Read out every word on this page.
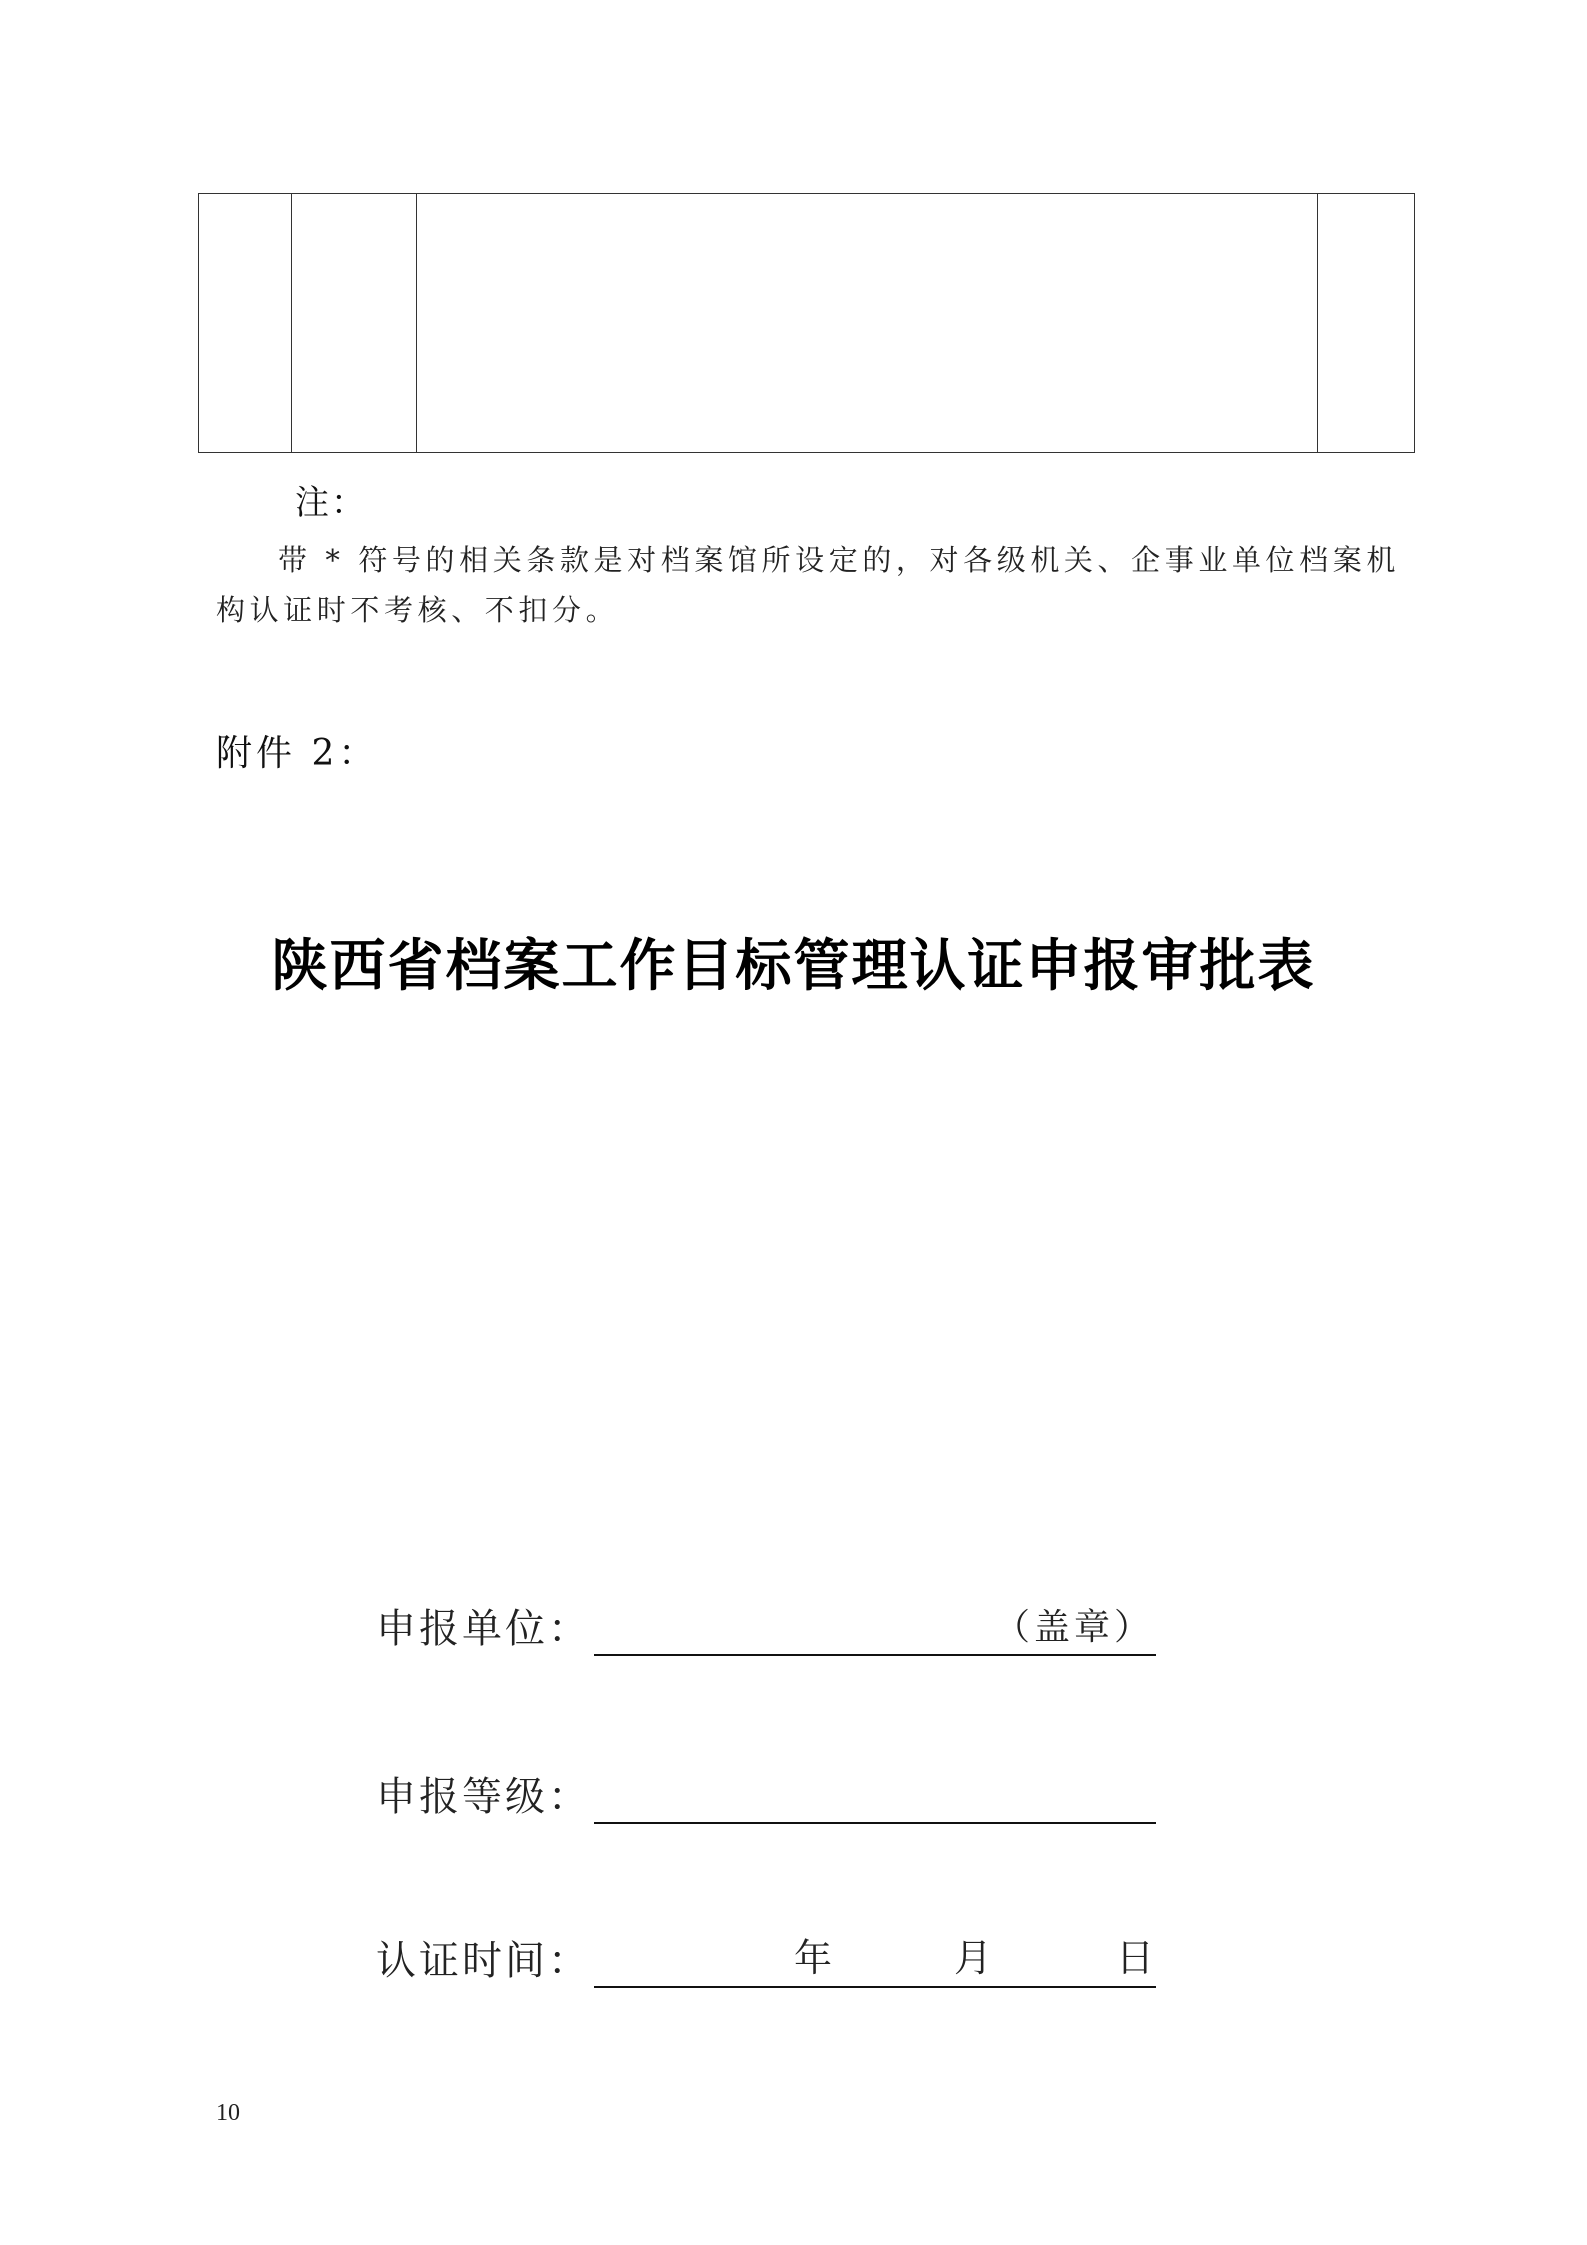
注：
带 * 符号的相关条款是对档案馆所设定的，对各级机关、企事业单位档案机构认证时不考核、不扣分。
附件 2：
陕西省档案工作目标管理认证申报审批表
申报单位：	（盖章）
申报等级：
认证时间：	年	月	日
10
